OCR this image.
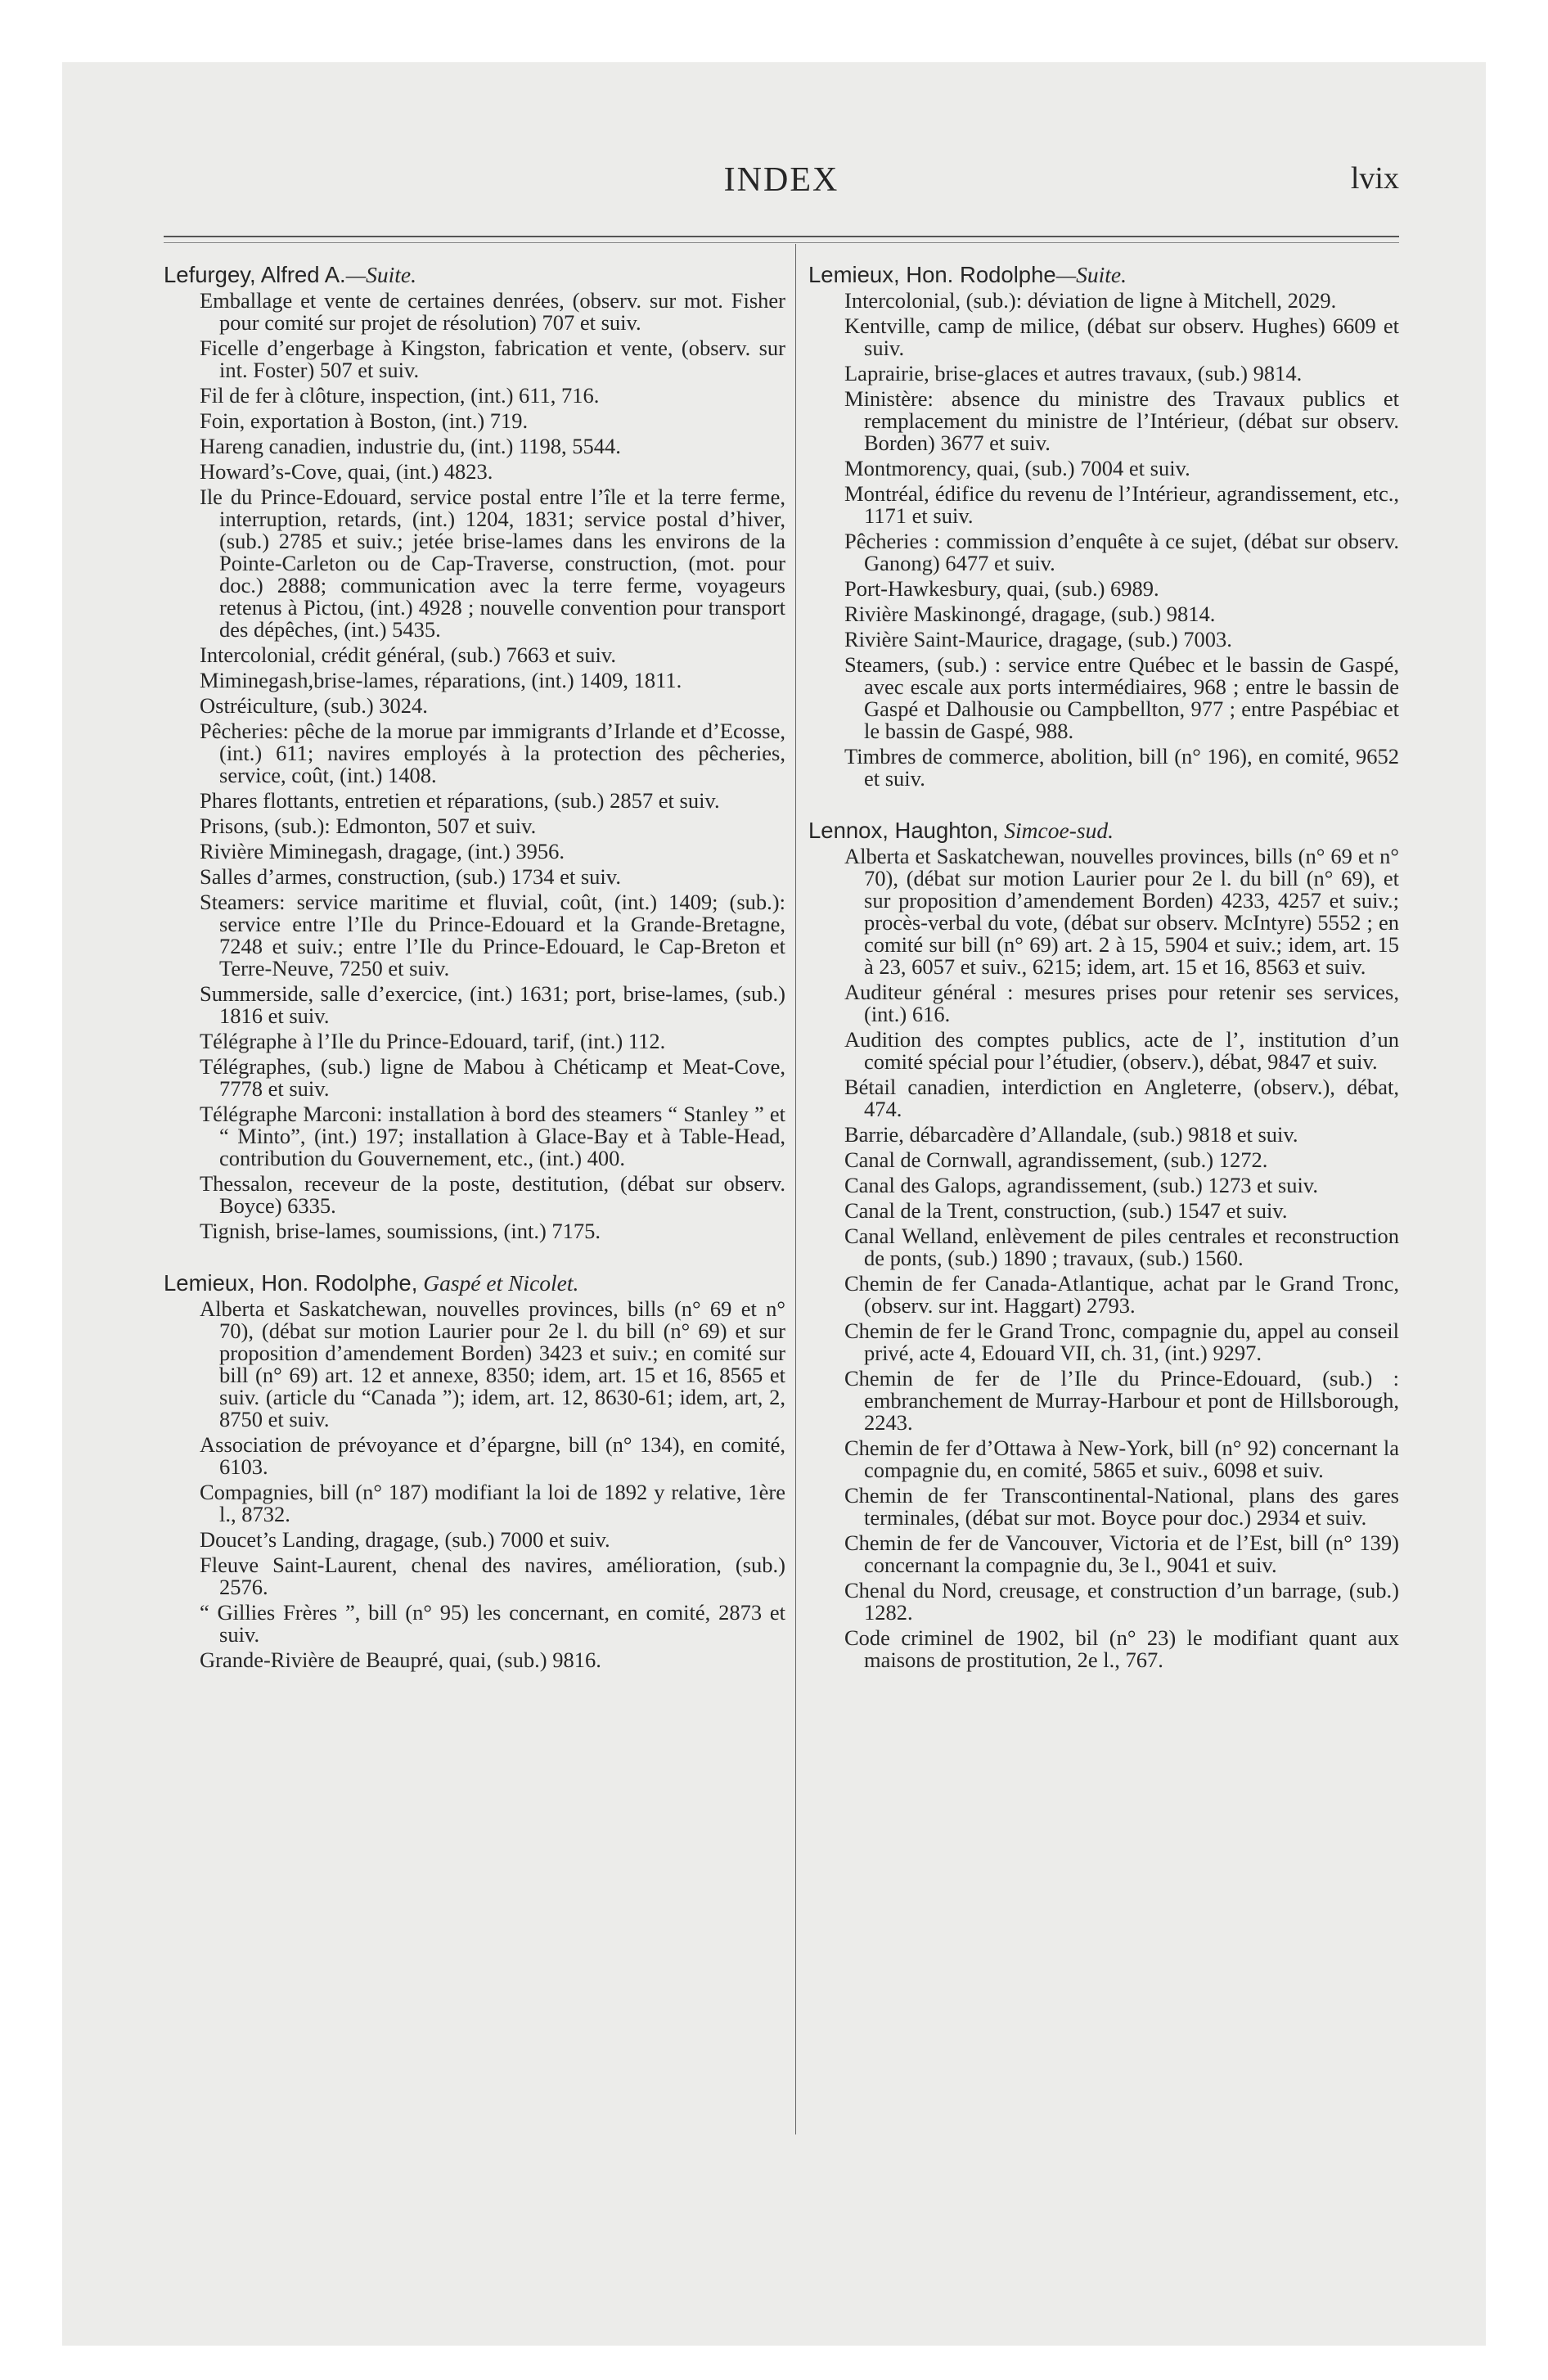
INDEX	lvix
Lefurgey, Alfred A.—Suite.
Emballage et vente de certaines denrées, (observ. sur mot. Fisher pour comité sur projet de résolution) 707 et suiv.
Ficelle d’engerbage à Kingston, fabrication et vente, (observ. sur int. Foster) 507 et suiv.
Fil de fer à clôture, inspection, (int.) 611, 716.
Foin, exportation à Boston, (int.) 719.
Hareng canadien, industrie du, (int.) 1198, 5544.
Howard’s-Cove, quai, (int.) 4823.
Ile du Prince-Edouard, service postal entre l’île et la terre ferme, interruption, retards, (int.) 1204, 1831; service postal d’hiver, (sub.) 2785 et suiv.; jetée brise-lames dans les environs de la Pointe-Carleton ou de Cap-Traverse, construction, (mot. pour doc.) 2888; communication avec la terre ferme, voyageurs retenus à Pictou, (int.) 4928 ; nouvelle convention pour transport des dépêches, (int.) 5435.
Intercolonial, crédit général, (sub.) 7663 et suiv.
Miminegash,brise-lames, réparations, (int.) 1409, 1811.
Ostréiculture, (sub.) 3024.
Pêcheries: pêche de la morue par immigrants d’Irlande et d’Ecosse, (int.) 611; navires employés à la protection des pêcheries, service, coût, (int.) 1408.
Phares flottants, entretien et réparations, (sub.) 2857 et suiv.
Prisons, (sub.): Edmonton, 507 et suiv.
Rivière Miminegash, dragage, (int.) 3956.
Salles d’armes, construction, (sub.) 1734 et suiv.
Steamers: service maritime et fluvial, coût, (int.) 1409; (sub.): service entre l’Ile du Prince-Edouard et la Grande-Bretagne, 7248 et suiv.; entre l’Ile du Prince-Edouard, le Cap-Breton et Terre-Neuve, 7250 et suiv.
Summerside, salle d’exercice, (int.) 1631; port, brise-lames, (sub.) 1816 et suiv.
Télégraphe à l’Ile du Prince-Edouard, tarif, (int.) 112.
Télégraphes, (sub.) ligne de Mabou à Chéticamp et Meat-Cove, 7778 et suiv.
Télégraphe Marconi: installation à bord des steamers “ Stanley ” et “ Minto”, (int.) 197; installation à Glace-Bay et à Table-Head, contribution du Gouvernement, etc., (int.) 400.
Thessalon, receveur de la poste, destitution, (débat sur observ. Boyce) 6335.
Tignish, brise-lames, soumissions, (int.) 7175.
Lemieux, Hon. Rodolphe, Gaspé et Nicolet.
Alberta et Saskatchewan, nouvelles provinces, bills (n° 69 et n° 70), (débat sur motion Laurier pour 2e l. du bill (n° 69) et sur proposition d’amendement Borden) 3423 et suiv.; en comité sur bill (n° 69) art. 12 et annexe, 8350; idem, art. 15 et 16, 8565 et suiv. (article du “Canada ”); idem, art. 12, 8630-61; idem, art, 2, 8750 et suiv.
Association de prévoyance et d’épargne, bill (n° 134), en comité, 6103.
Compagnies, bill (n° 187) modifiant la loi de 1892 y relative, 1ère l., 8732.
Doucet’s Landing, dragage, (sub.) 7000 et suiv.
Fleuve Saint-Laurent, chenal des navires, amélioration, (sub.) 2576.
“ Gillies Frères ”, bill (n° 95) les concernant, en comité, 2873 et suiv.
Grande-Rivière de Beaupré, quai, (sub.) 9816.
Lemieux, Hon. Rodolphe—Suite.
Intercolonial, (sub.): déviation de ligne à Mitchell, 2029.
Kentville, camp de milice, (débat sur observ. Hughes) 6609 et suiv.
Laprairie, brise-glaces et autres travaux, (sub.) 9814.
Ministère: absence du ministre des Travaux publics et remplacement du ministre de l’Intérieur, (débat sur observ. Borden) 3677 et suiv.
Montmorency, quai, (sub.) 7004 et suiv.
Montréal, édifice du revenu de l’Intérieur, agrandissement, etc., 1171 et suiv.
Pêcheries : commission d’enquête à ce sujet, (débat sur observ. Ganong) 6477 et suiv.
Port-Hawkesbury, quai, (sub.) 6989.
Rivière Maskinongé, dragage, (sub.) 9814.
Rivière Saint-Maurice, dragage, (sub.) 7003.
Steamers, (sub.) : service entre Québec et le bassin de Gaspé, avec escale aux ports intermédiaires, 968 ; entre le bassin de Gaspé et Dalhousie ou Campbellton, 977 ; entre Paspébiac et le bassin de Gaspé, 988.
Timbres de commerce, abolition, bill (n° 196), en comité, 9652 et suiv.
Lennox, Haughton, Simcoe-sud.
Alberta et Saskatchewan, nouvelles provinces, bills (n° 69 et n° 70), (débat sur motion Laurier pour 2e l. du bill (n° 69), et sur proposition d’amendement Borden) 4233, 4257 et suiv.; procès-verbal du vote, (débat sur observ. McIntyre) 5552 ; en comité sur bill (n° 69) art. 2 à 15, 5904 et suiv.; idem, art. 15 à 23, 6057 et suiv., 6215; idem, art. 15 et 16, 8563 et suiv.
Auditeur général : mesures prises pour retenir ses services, (int.) 616.
Audition des comptes publics, acte de l’, institution d’un comité spécial pour l’étudier, (observ.), débat, 9847 et suiv.
Bétail canadien, interdiction en Angleterre, (observ.), débat, 474.
Barrie, débarcadère d’Allandale, (sub.) 9818 et suiv.
Canal de Cornwall, agrandissement, (sub.) 1272.
Canal des Galops, agrandissement, (sub.) 1273 et suiv.
Canal de la Trent, construction, (sub.) 1547 et suiv.
Canal Welland, enlèvement de piles centrales et reconstruction de ponts, (sub.) 1890 ; travaux, (sub.) 1560.
Chemin de fer Canada-Atlantique, achat par le Grand Tronc, (observ. sur int. Haggart) 2793.
Chemin de fer le Grand Tronc, compagnie du, appel au conseil privé, acte 4, Edouard VII, ch. 31, (int.) 9297.
Chemin de fer de l’Ile du Prince-Edouard, (sub.) : embranchement de Murray-Harbour et pont de Hillsborough, 2243.
Chemin de fer d’Ottawa à New-York, bill (n° 92) concernant la compagnie du, en comité, 5865 et suiv., 6098 et suiv.
Chemin de fer Transcontinental-National, plans des gares terminales, (débat sur mot. Boyce pour doc.) 2934 et suiv.
Chemin de fer de Vancouver, Victoria et de l’Est, bill (n° 139) concernant la compagnie du, 3e l., 9041 et suiv.
Chenal du Nord, creusage, et construction d’un barrage, (sub.) 1282.
Code criminel de 1902, bil (n° 23) le modifiant quant aux maisons de prostitution, 2e l., 767.
